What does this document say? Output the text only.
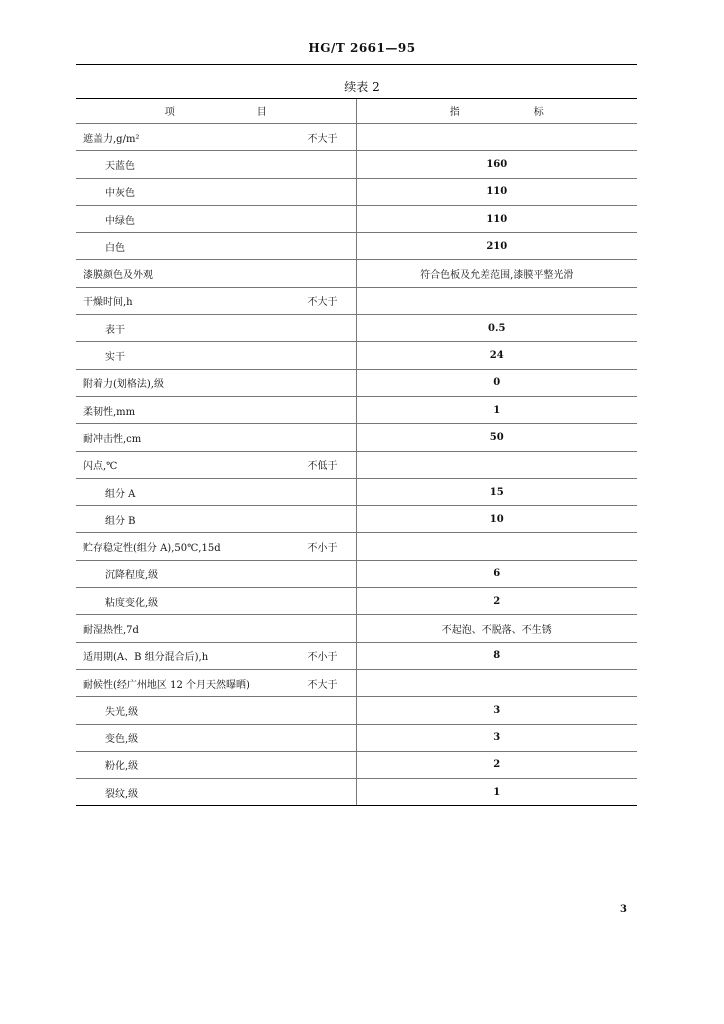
HG/T 2661—95
续表 2
项 目	指 标

遮盖力,g/m² 不大于	

天蓝色	160

中灰色	110

中绿色	110

白色	210

漆膜颜色及外观	符合色板及允差范围,漆膜平整光滑

干燥时间,h 不大于	

表干	0.5

实干	24

附着力(划格法),级	0

柔韧性,mm	1

耐冲击性,cm	50

闪点,℃ 不低于	

组分 A	15

组分 B	10

贮存稳定性(组分 A),50℃,15d 不小于	

沉降程度,级	6

粘度变化,级	2

耐湿热性,7d	不起泡、不脱落、不生锈

适用期(A、B 组分混合后),h 不小于	8

耐候性(经广州地区 12 个月天然曝晒) 不大于	

失光,级	3

变色,级	3

粉化,级	2

裂纹,级	1
3
